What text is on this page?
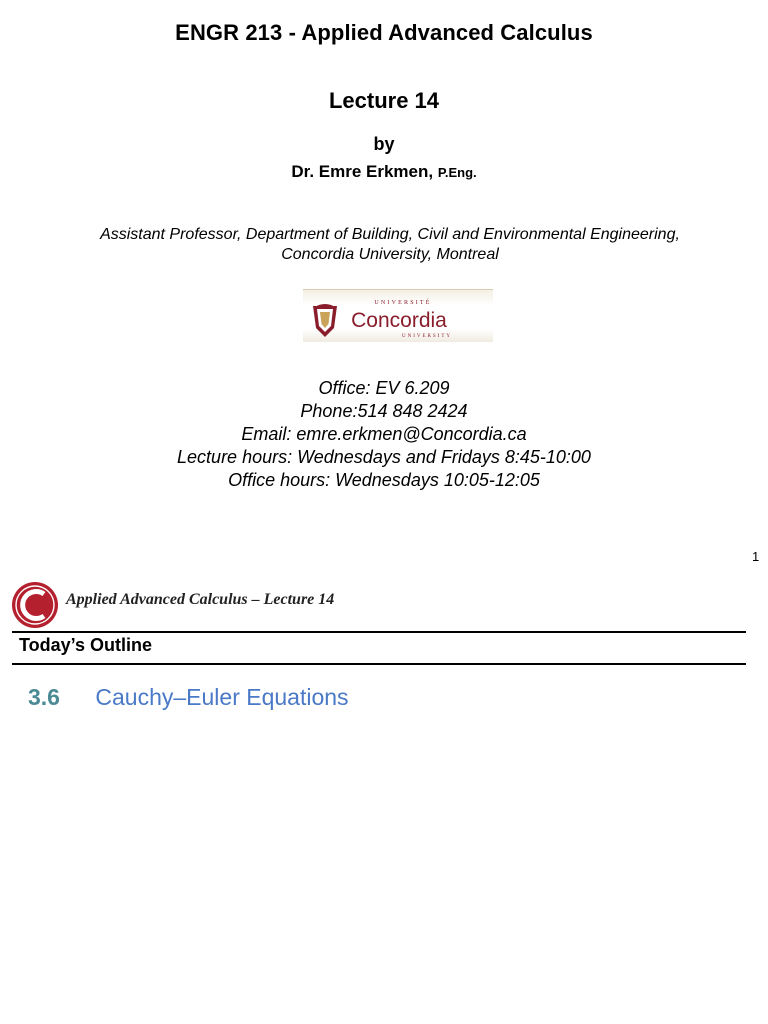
ENGR 213 - Applied Advanced Calculus
Lecture 14
by
Dr. Emre Erkmen, P.Eng.
Assistant Professor, Department of Building, Civil and Environmental Engineering,
Concordia University, Montreal
UNIVERSITÉ
Concordia
UNIVERSITY
Office: EV 6.209
Phone:514 848 2424
Email: emre.erkmen@Concordia.ca
Lecture hours: Wednesdays and Fridays 8:45-10:00
Office hours: Wednesdays 10:05-12:05
1
Applied Advanced Calculus – Lecture 14
Today’s Outline
3.6 Cauchy–Euler Equations
